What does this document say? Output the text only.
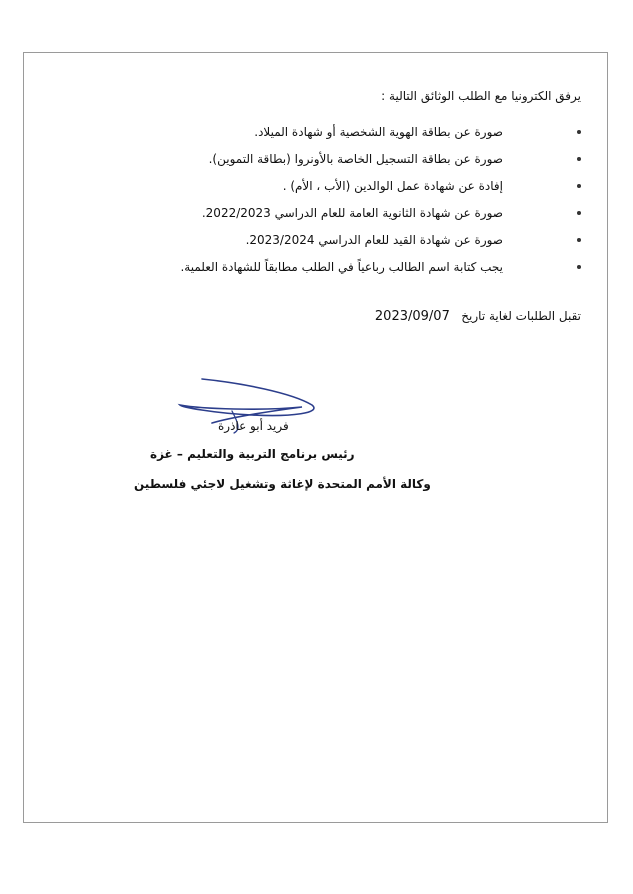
يرفق الكترونيا مع الطلب الوثائق التالية :
صورة عن بطاقة الهوية الشخصية أو شهادة الميلاد.
صورة عن بطاقة التسجيل الخاصة بالأونروا (بطاقة التموين).
إفادة عن شهادة عمل الوالدين (الأب ، الأم) .
صورة عن شهادة الثانوية العامة للعام الدراسي 2022/2023.
صورة عن شهادة القيد للعام الدراسي 2023/2024.
يجب كتابة اسم الطالب رباعياً في الطلب مطابقاً للشهادة العلمية.
تقبل الطلبات لغاية تاريخ   2023/09/07
فريد أبو عاذرة
رئيس برنامج التربية والتعليم – غزة
وكالة الأمم المتحدة لإغاثة وتشغيل لاجئي فلسطين
